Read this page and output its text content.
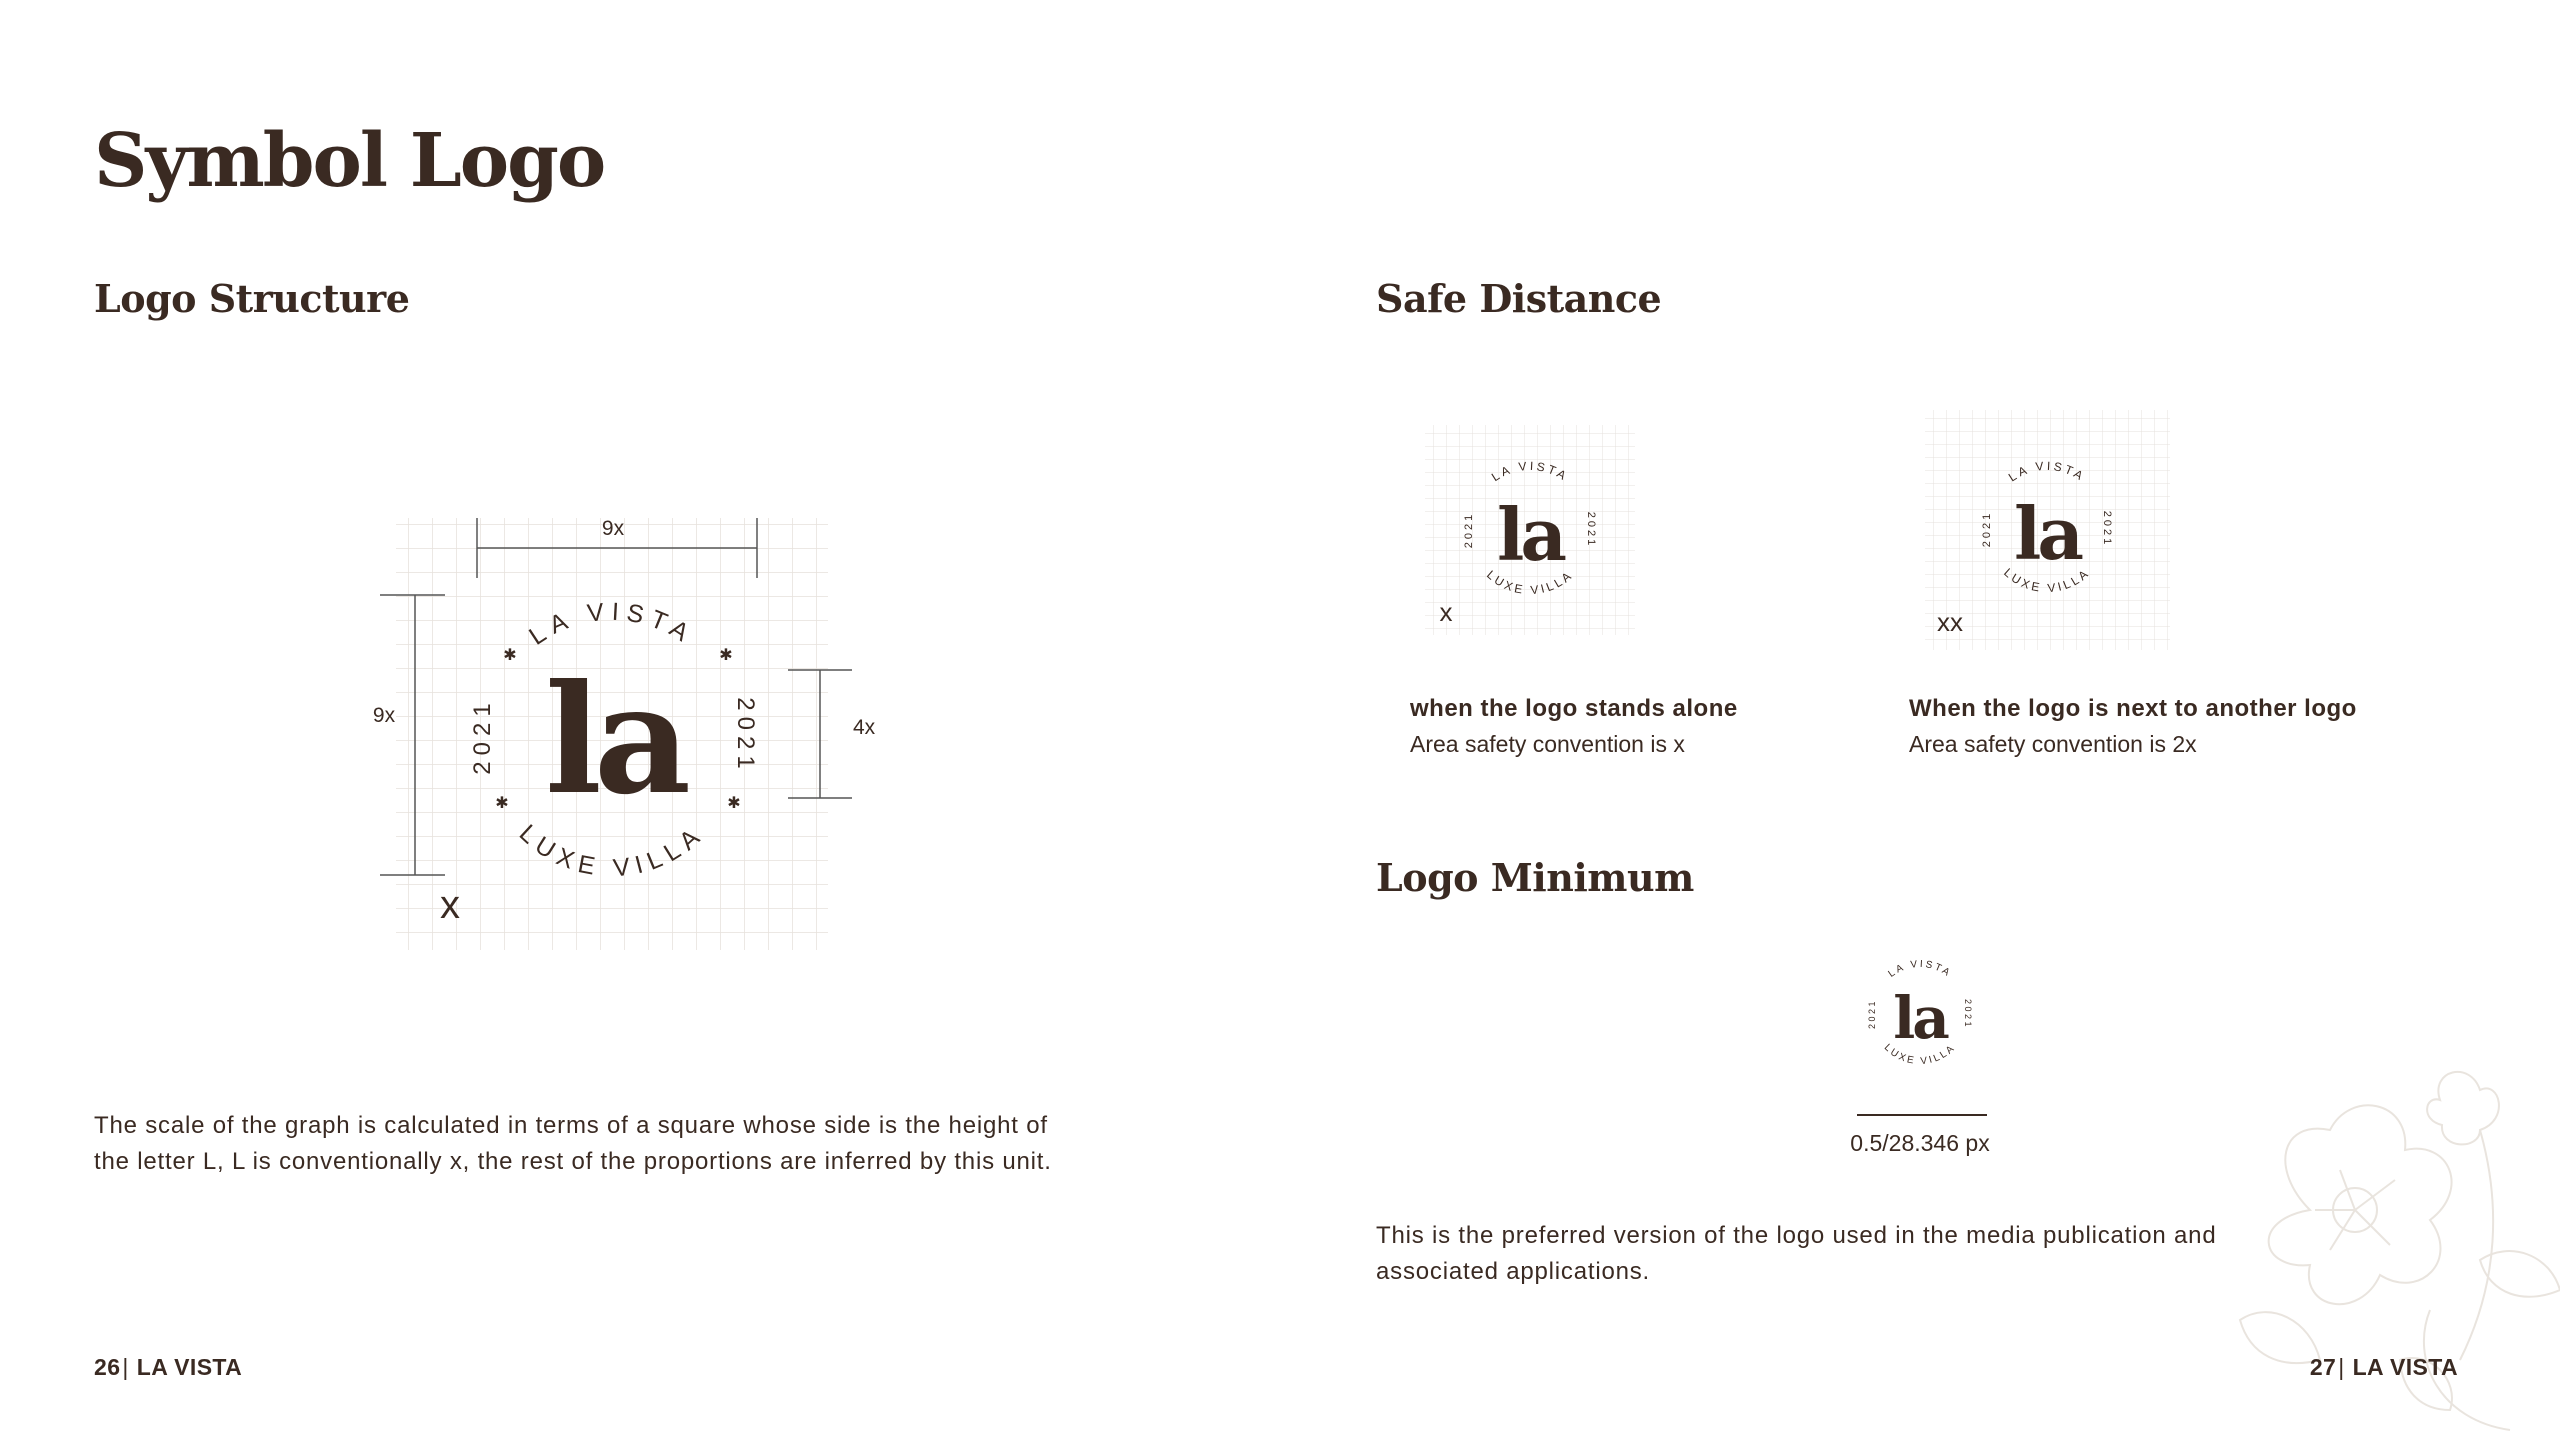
Symbol Logo
Logo Structure	Safe Distance
Logo Minimum
9x
9x
4x
x
LA VISTA
LUXE VILLA
2021	2021
✱	✱
✱	✱
la
The scale of the graph is calculated in terms of a square whose side is the height of the letter L, L is conventionally x, the rest of the proportions are inferred by this unit.
x
LA VISTA
LUXE VILLA
2021	2021
la
when the logo stands alone
Area safety convention is x
xx
LA VISTA
LUXE VILLA
2021	2021
la
When the logo is next to another logo
Area safety convention is 2x
LA VISTA
LUXE VILLA
2021	2021
la
0.5/28.346 px
This is the preferred version of the logo used in the media publication and associated applications.
26| LA VISTA	27| LA VISTA
